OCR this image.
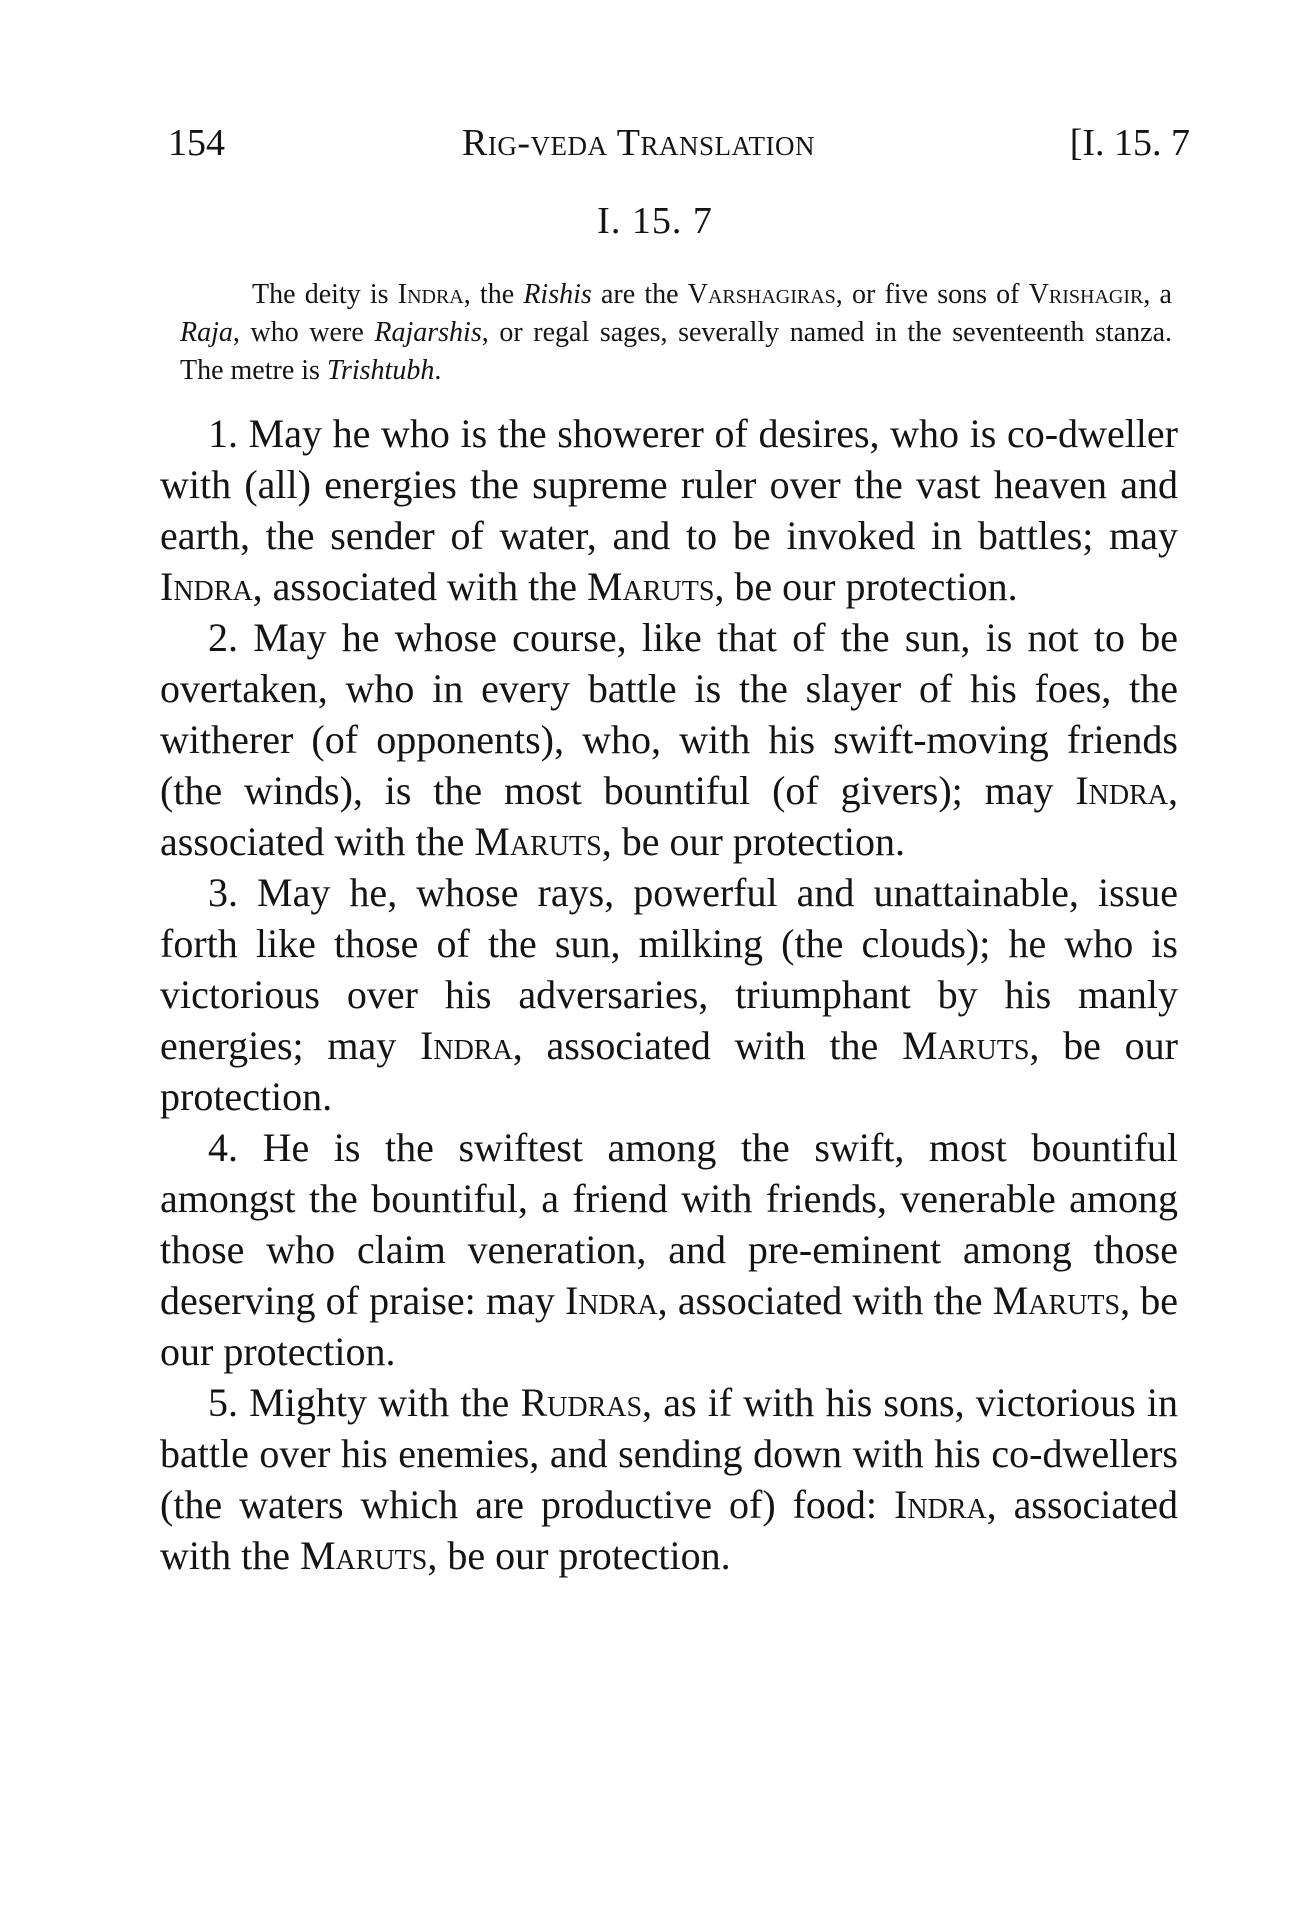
154	Rig-veda Translation	[I. 15. 7
I. 15. 7

The deity is Indra, the Rishis are the Varshagiras, or five sons of Vrishagir, a Raja, who were Rajarshis, or regal sages, severally named in the seventeenth stanza. The metre is Trishtubh.

1. May he who is the showerer of desires, who is co-dweller with (all) energies the supreme ruler over the vast heaven and earth, the sender of water, and to be invoked in battles; may Indra, associated with the Maruts, be our protection.

2. May he whose course, like that of the sun, is not to be overtaken, who in every battle is the slayer of his foes, the witherer (of opponents), who, with his swift-moving friends (the winds), is the most bountiful (of givers); may Indra, associated with the Maruts, be our protection.

3. May he, whose rays, powerful and unattainable, issue forth like those of the sun, milking (the clouds); he who is victorious over his adversaries, triumphant by his manly energies; may Indra, associated with the Maruts, be our protection.

4. He is the swiftest among the swift, most bountiful amongst the bountiful, a friend with friends, venerable among those who claim veneration, and pre-eminent among those deserving of praise: may Indra, associated with the Maruts, be our protection.

5. Mighty with the Rudras, as if with his sons, victorious in battle over his enemies, and sending down with his co-dwellers (the waters which are productive of) food: Indra, associated with the Maruts, be our protection.
